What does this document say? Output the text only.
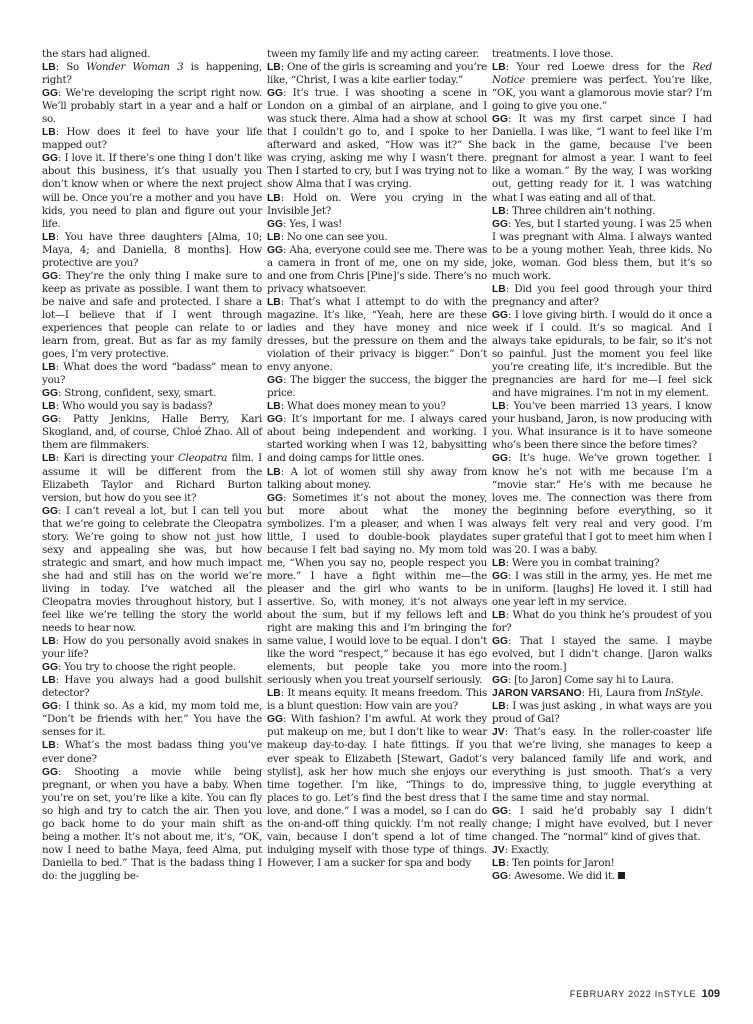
the stars had aligned.

LB: So Wonder Woman 3 is happening, right?

GG: We’re developing the script right now. We’ll probably start in a year and a half or so.

LB: How does it feel to have your life mapped out?

GG: I love it. If there’s one thing I don’t like about this business, it’s that usually you don’t know when or where the next project will be. Once you’re a mother and you have kids, you need to plan and figure out your life.

LB: You have three daughters [Alma, 10; Maya, 4; and Daniella, 8 months]. How protective are you?

GG: They’re the only thing I make sure to keep as private as possible. I want them to be naive and safe and protected. I share a lot—I believe that if I went through experiences that people can relate to or learn from, great. But as far as my family goes, I’m very protective.

LB: What does the word “badass” mean to you?

GG: Strong, confident, sexy, smart.

LB: Who would you say is badass?

GG: Patty Jenkins, Halle Berry, Kari Skogland, and, of course, Chloé Zhao. All of them are filmmakers.

LB: Kari is directing your Cleopatra film. I assume it will be different from the Elizabeth Taylor and Richard Burton version, but how do you see it?

GG: I can’t reveal a lot, but I can tell you that we’re going to celebrate the Cleopatra story. We’re going to show not just how sexy and appealing she was, but how strategic and smart, and how much impact she had and still has on the world we’re living in today. I’ve watched all the Cleopatra movies throughout history, but I feel like we’re telling the story the world needs to hear now.

LB: How do you personally avoid snakes in your life?

GG: You try to choose the right people.

LB: Have you always had a good bullshit detector?

GG: I think so. As a kid, my mom told me, “Don’t be friends with her.” You have the senses for it.

LB: What’s the most badass thing you’ve ever done?

GG: Shooting a movie while being pregnant, or when you have a baby. When you’re on set, you’re like a kite. You can fly so high and try to catch the air. Then you go back home to do your main shift as being a mother. It’s not about me, it’s, “OK, now I need to bathe Maya, feed Alma, put Daniella to bed.” That is the badass thing I do: the juggling be-

tween my family life and my acting career.

LB: One of the girls is screaming and you’re like, “Christ, I was a kite earlier today.”

GG: It’s true. I was shooting a scene in London on a gimbal of an airplane, and I was stuck there. Alma had a show at school that I couldn’t go to, and I spoke to her afterward and asked, “How was it?” She was crying, asking me why I wasn’t there. Then I started to cry, but I was trying not to show Alma that I was crying.

LB: Hold on. Were you crying in the Invisible Jet?

GG: Yes, I was!

LB: No one can see you.

GG: Aha, everyone could see me. There was a camera in front of me, one on my side, and one from Chris [Pine]’s side. There’s no privacy whatsoever.

LB: That’s what I attempt to do with the magazine. It’s like, “Yeah, here are these ladies and they have money and nice dresses, but the pressure on them and the violation of their privacy is bigger.” Don’t envy anyone.

GG: The bigger the success, the bigger the price.

LB: What does money mean to you?

GG: It’s important for me. I always cared about being independent and working. I started working when I was 12, babysitting and doing camps for little ones.

LB: A lot of women still shy away from talking about money.

GG: Sometimes it’s not about the money, but more about what the money symbolizes. I’m a pleaser, and when I was little, I used to double-book playdates because I felt bad saying no. My mom told me, “When you say no, people respect you more.” I have a fight within me—the pleaser and the girl who wants to be assertive. So, with money, it’s not always about the sum, but if my fellows left and right are making this and I’m bringing the same value, I would love to be equal. I don’t like the word “respect,” because it has ego elements, but people take you more seriously when you treat yourself seriously.

LB: It means equity. It means freedom. This is a blunt question: How vain are you?

GG: With fashion? I’m awful. At work they put makeup on me, but I don’t like to wear makeup day-to-day. I hate fittings. If you ever speak to Elizabeth [Stewart, Gadot’s stylist], ask her how much she enjoys our time together. I’m like, “Things to do, places to go. Let’s find the best dress that I love, and done.” I was a model, so I can do the on-and-off thing quickly. I’m not really vain, because I don’t spend a lot of time indulging myself with those type of things. However, I am a sucker for spa and body

treatments. I love those.

LB: Your red Loewe dress for the Red Notice premiere was perfect. You’re like, “OK, you want a glamorous movie star? I’m going to give you one.”

GG: It was my first carpet since I had Daniella. I was like, “I want to feel like I’m back in the game, because I’ve been pregnant for almost a year. I want to feel like a woman.” By the way, I was working out, getting ready for it. I was watching what I was eating and all of that.

LB: Three children ain’t nothing.

GG: Yes, but I started young. I was 25 when I was pregnant with Alma. I always wanted to be a young mother. Yeah, three kids. No joke, woman. God bless them, but it’s so much work.

LB: Did you feel good through your third pregnancy and after?

GG: I love giving birth. I would do it once a week if I could. It’s so magical. And I always take epidurals, to be fair, so it’s not so painful. Just the moment you feel like you’re creating life, it’s incredible. But the pregnancies are hard for me—I feel sick and have migraines. I’m not in my element.

LB: You’ve been married 13 years. I know your husband, Jaron, is now producing with you. What insurance is it to have someone who’s been there since the before times?

GG: It’s huge. We’ve grown together. I know he’s not with me because I’m a “movie star.” He’s with me because he loves me. The connection was there from the beginning before everything, so it always felt very real and very good. I’m super grateful that I got to meet him when I was 20. I was a baby.

LB: Were you in combat training?

GG: I was still in the army, yes. He met me in uniform. [laughs] He loved it. I still had one year left in my service.

LB: What do you think he’s proudest of you for?

GG: That I stayed the same. I maybe evolved, but I didn’t change. [Jaron walks into the room.]

GG: [to Jaron] Come say hi to Laura.

JARON VARSANO: Hi, Laura from InStyle.

LB: I was just asking , in what ways are you proud of Gal?

JV: That’s easy. In the roller-coaster life that we’re living, she manages to keep a very balanced family life and work, and everything is just smooth. That’s a very impressive thing, to juggle everything at the same time and stay normal.

GG: I said he’d probably say I didn’t change; I might have evolved, but I never changed. The “normal” kind of gives that.

JV: Exactly.

LB: Ten points for Jaron!

GG: Awesome. We did it.

FEBRUARY 2022 InSTYLE 109
